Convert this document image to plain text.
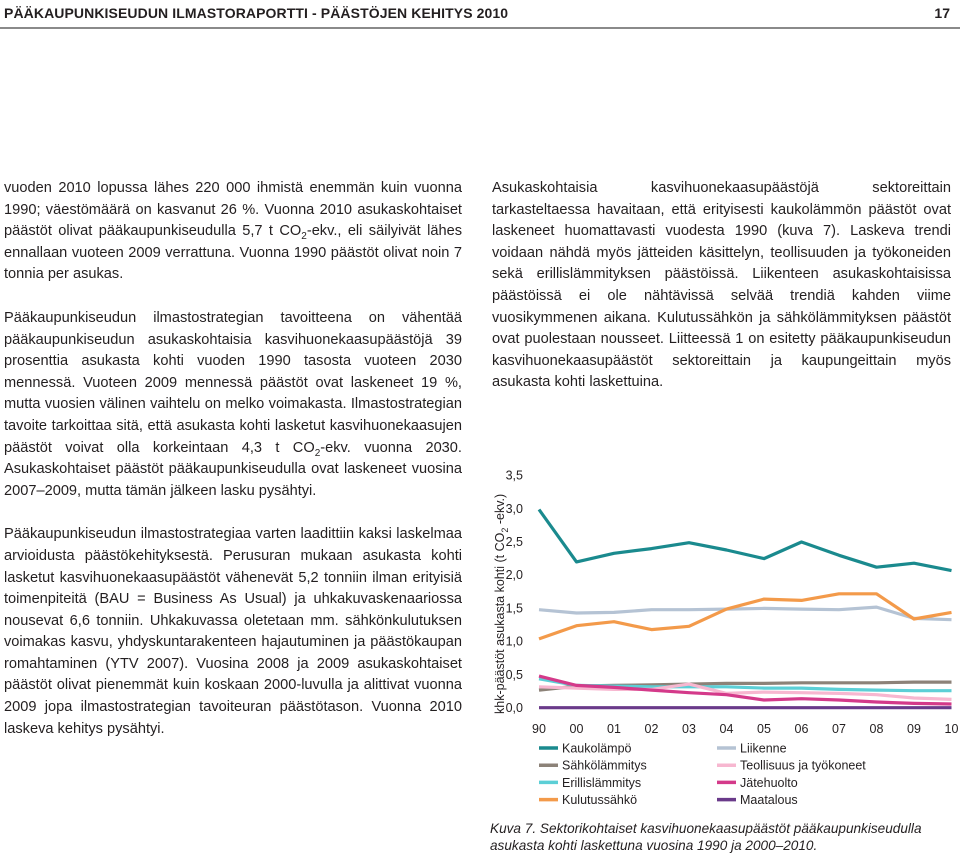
PÄÄKAUPUNKISEUDUN ILMASTORAPORTTI - PÄÄSTÖJEN KEHITYS 2010	17

vuoden 2010 lopussa lähes 220 000 ihmistä enemmän kuin vuonna 1990; väestömäärä on kasvanut 26 %. Vuonna 2010 asukaskohtaiset päästöt olivat pääkaupunkiseudulla 5,7 t $CO_2$-ekv., eli säilyivät lähes ennallaan vuoteen 2009 verrattuna. Vuonna 1990 päästöt olivat noin 7 tonnia per asukas.

Pääkaupunkiseudun ilmastostrategian tavoitteena on vähentää pääkaupunkiseudun asukaskohtaisia kasvihuonekaasupäästöjä 39 prosenttia asukasta kohti vuoden 1990 tasosta vuoteen 2030 mennessä. Vuoteen 2009 mennessä päästöt ovat laskeneet 19 %, mutta vuosien välinen vaihtelu on melko voimakasta. Ilmastostrategian tavoite tarkoittaa sitä, että asukasta kohti lasketut kasvihuonekaasujen päästöt voivat olla korkeintaan 4,3 t $CO_2$-ekv. vuonna 2030. Asukaskohtaiset päästöt pääkaupunkiseudulla ovat laskeneet vuosina 2007–2009, mutta tämän jälkeen lasku pysähtyi.

Pääkaupunkiseudun ilmastostrategiaa varten laadittiin kaksi laskelmaa arvioidusta päästökehityksestä. Perusuran mukaan asukasta kohti lasketut kasvihuonekaasupäästöt vähenevät 5,2 tonniin ilman erityisiä toimenpiteitä (BAU = Business As Usual) ja uhkakuvaskenaariossa nousevat 6,6 tonniin. Uhkakuvassa oletetaan mm. sähkönkulutuksen voimakas kasvu, yhdyskuntarakenteen hajautuminen ja päästökaupan romahtaminen (YTV 2007). Vuosina 2008 ja 2009 asukaskohtaiset päästöt olivat pienemmät kuin koskaan 2000-luvulla ja alittivat vuonna 2009 jopa ilmastostrategian tavoiteuran päästötason. Vuonna 2010 laskeva kehitys pysähtyi.

Asukaskohtaisia kasvihuonekaasupäästöjä sektoreittain tarkasteltaessa havaitaan, että erityisesti kaukolämmön päästöt ovat laskeneet huomattavasti vuodesta 1990 (kuva 7). Laskeva trendi voidaan nähdä myös jätteiden käsittelyn, teollisuuden ja työkoneiden sekä erillislämmityksen päästöissä. Liikenteen asukaskohtaisissa päästöissä ei ole nähtävissä selvää trendiä kahden viime vuosikymmenen aikana. Kulutussähkön ja sähkölämmityksen päästöt ovat puolestaan nousseet. Liitteessä 1 on esitetty pääkaupunkiseudun kasvihuonekaasupäästöt sektoreittain ja kaupungeittain myös asukasta kohti laskettuina.

khk-päästöt asukasta kohti (t $CO_2$ -ekv.)
0,0
0,5
1,0
1,5
2,0
2,5
3,0
3,5
90 00 01 02 03 04 05 06 07 08 09 10
Kaukolämpö
Sähkölämmitys
Erillislämmitys
Kulutussähkö
Liikenne
Teollisuus ja työkoneet
Jätehuolto
Maatalous
Kuva 7. Sektorikohtaiset kasvihuonekaasupäästöt pääkaupunkiseudulla asukasta kohti laskettuna vuosina 1990 ja 2000–2010.
